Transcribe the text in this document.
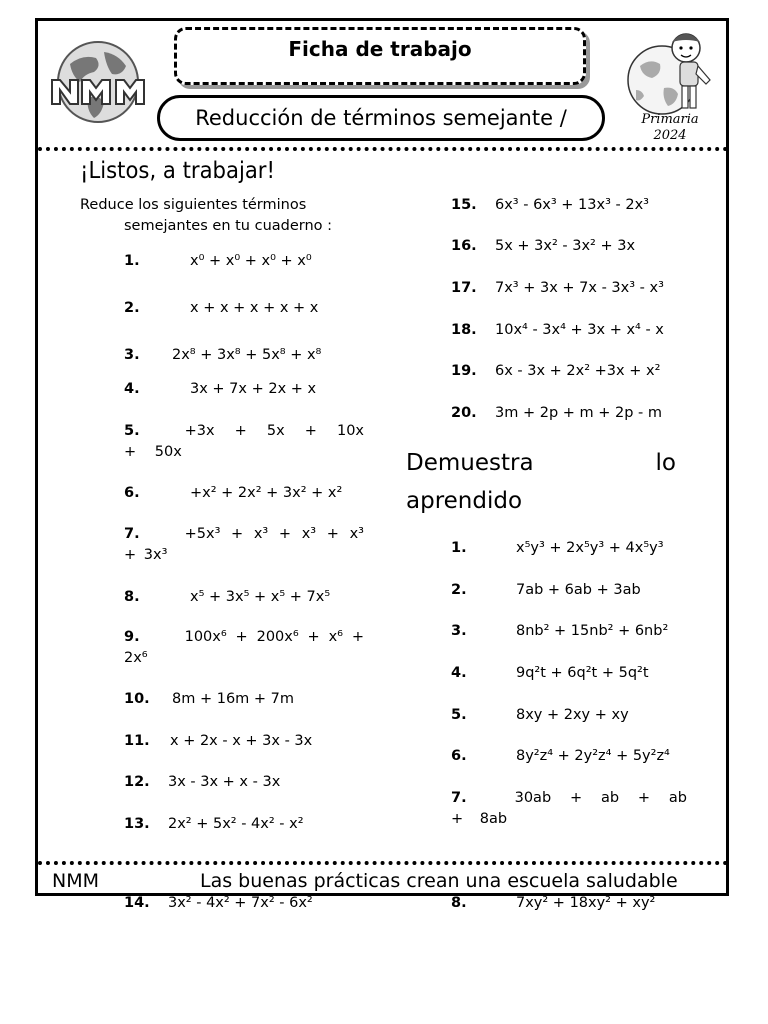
Ficha de trabajo
Reducción de términos semejante /	Primaria
2024
¡Listos, a trabajar!
Reduce los siguientes términos
semejantes en tu cuaderno :
1.	x⁰ + x⁰ + x⁰ + x⁰
2.	x + x + x + x + x
3. 2x⁸ + 3x⁸ + 5x⁸ + x⁸
4.	3x + 7x + 2x + x
5.	+3x + 5x + 10x + 50x
6.	+x² + 2x² + 3x² + x²
7.	+5x³ + x³ + x³ + x³ + 3x³
8.	x⁵ + 3x⁵ + x⁵ + 7x⁵
9.	100x⁶ + 200x⁶ + x⁶ + 2x⁶
10. 8m + 16m + 7m
11. x + 2x - x + 3x - 3x
12. 3x - 3x + x - 3x
13. 2x² + 5x² - 4x² - x²
14. 3x² - 4x² + 7x² - 6x²
15. 6x³ - 6x³ + 13x³ - 2x³
16. 5x + 3x² - 3x² + 3x
17. 7x³ + 3x + 7x - 3x³ - x³
18. 10x⁴ - 3x⁴ + 3x + x⁴ - x
19. 6x - 3x + 2x² +3x + x²
20. 3m + 2p + m + 2p - m
Demuestra	lo
aprendido
1.	x⁵y³ + 2x⁵y³ + 4x⁵y³
2.	7ab + 6ab + 3ab
3.	8nb² + 15nb² + 6nb²
4.	9q²t + 6q²t + 5q²t
5.	8xy + 2xy + xy
6.	8y²z⁴ + 2y²z⁴ + 5y²z⁴
7.	30ab + ab + ab + 8ab
8.	7xy² + 18xy² + xy²
NMM	Las buenas prácticas crean una escuela saludable
